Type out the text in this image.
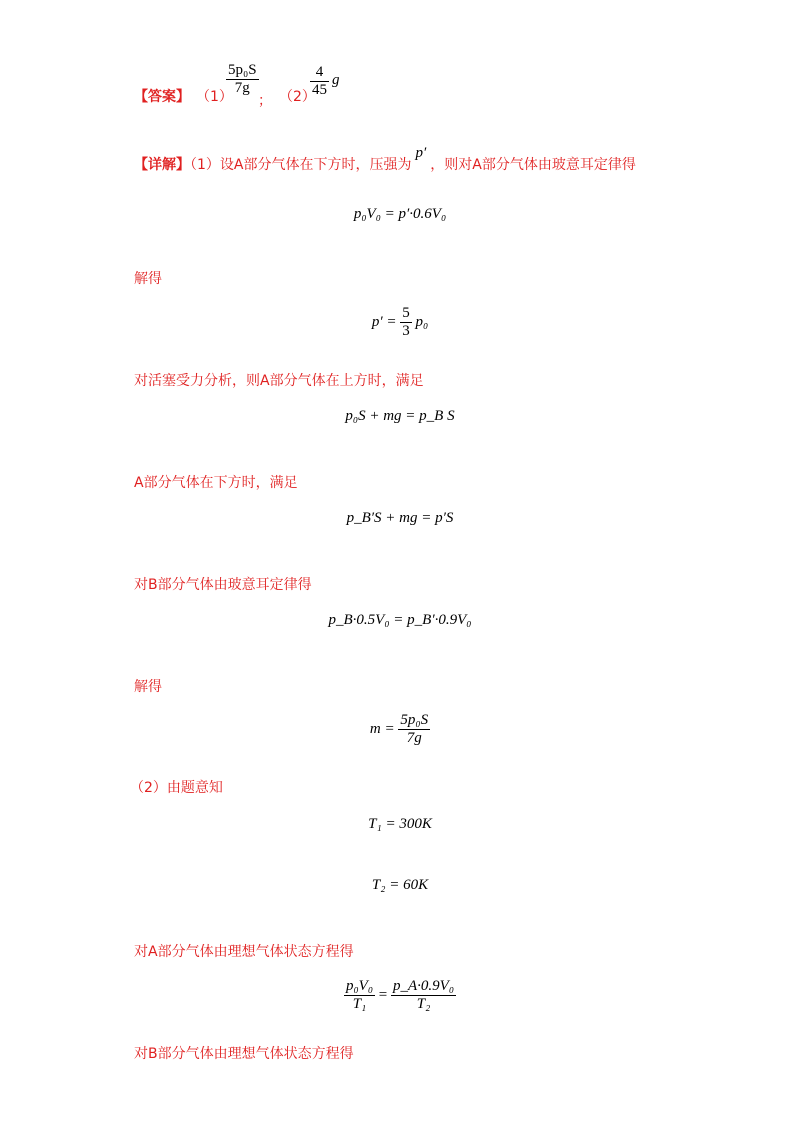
【答案】 （1）
$\frac{\text{5p₀S}}{7g}$
； （2）
$\frac{4}{45}$ g
【详解】（1）设A部分气体在下方时，压强为p′，则对A部分气体由玻意耳定律得
p₀V₀ = p′·0.6V₀
解得
$p' = \frac{5}{3} p_0$
对活塞受力分析，则A部分气体在上方时，满足
p₀S + mg = p_B S
A部分气体在下方时，满足
p_B′S + mg = p′S
对B部分气体由玻意耳定律得
p_B·0.5V₀ = p_B′·0.9V₀
解得
$m = \frac{\text{5p₀S}}{7g}$
（2）由题意知
T₁ = 300K
T₂ = 60K
对A部分气体由理想气体状态方程得
$\frac{\text{p₀V₀}}{\text{T₁}} = \frac{\text{p\_A·0.9V₀}}{\text{T₂}}$
对B部分气体由理想气体状态方程得
